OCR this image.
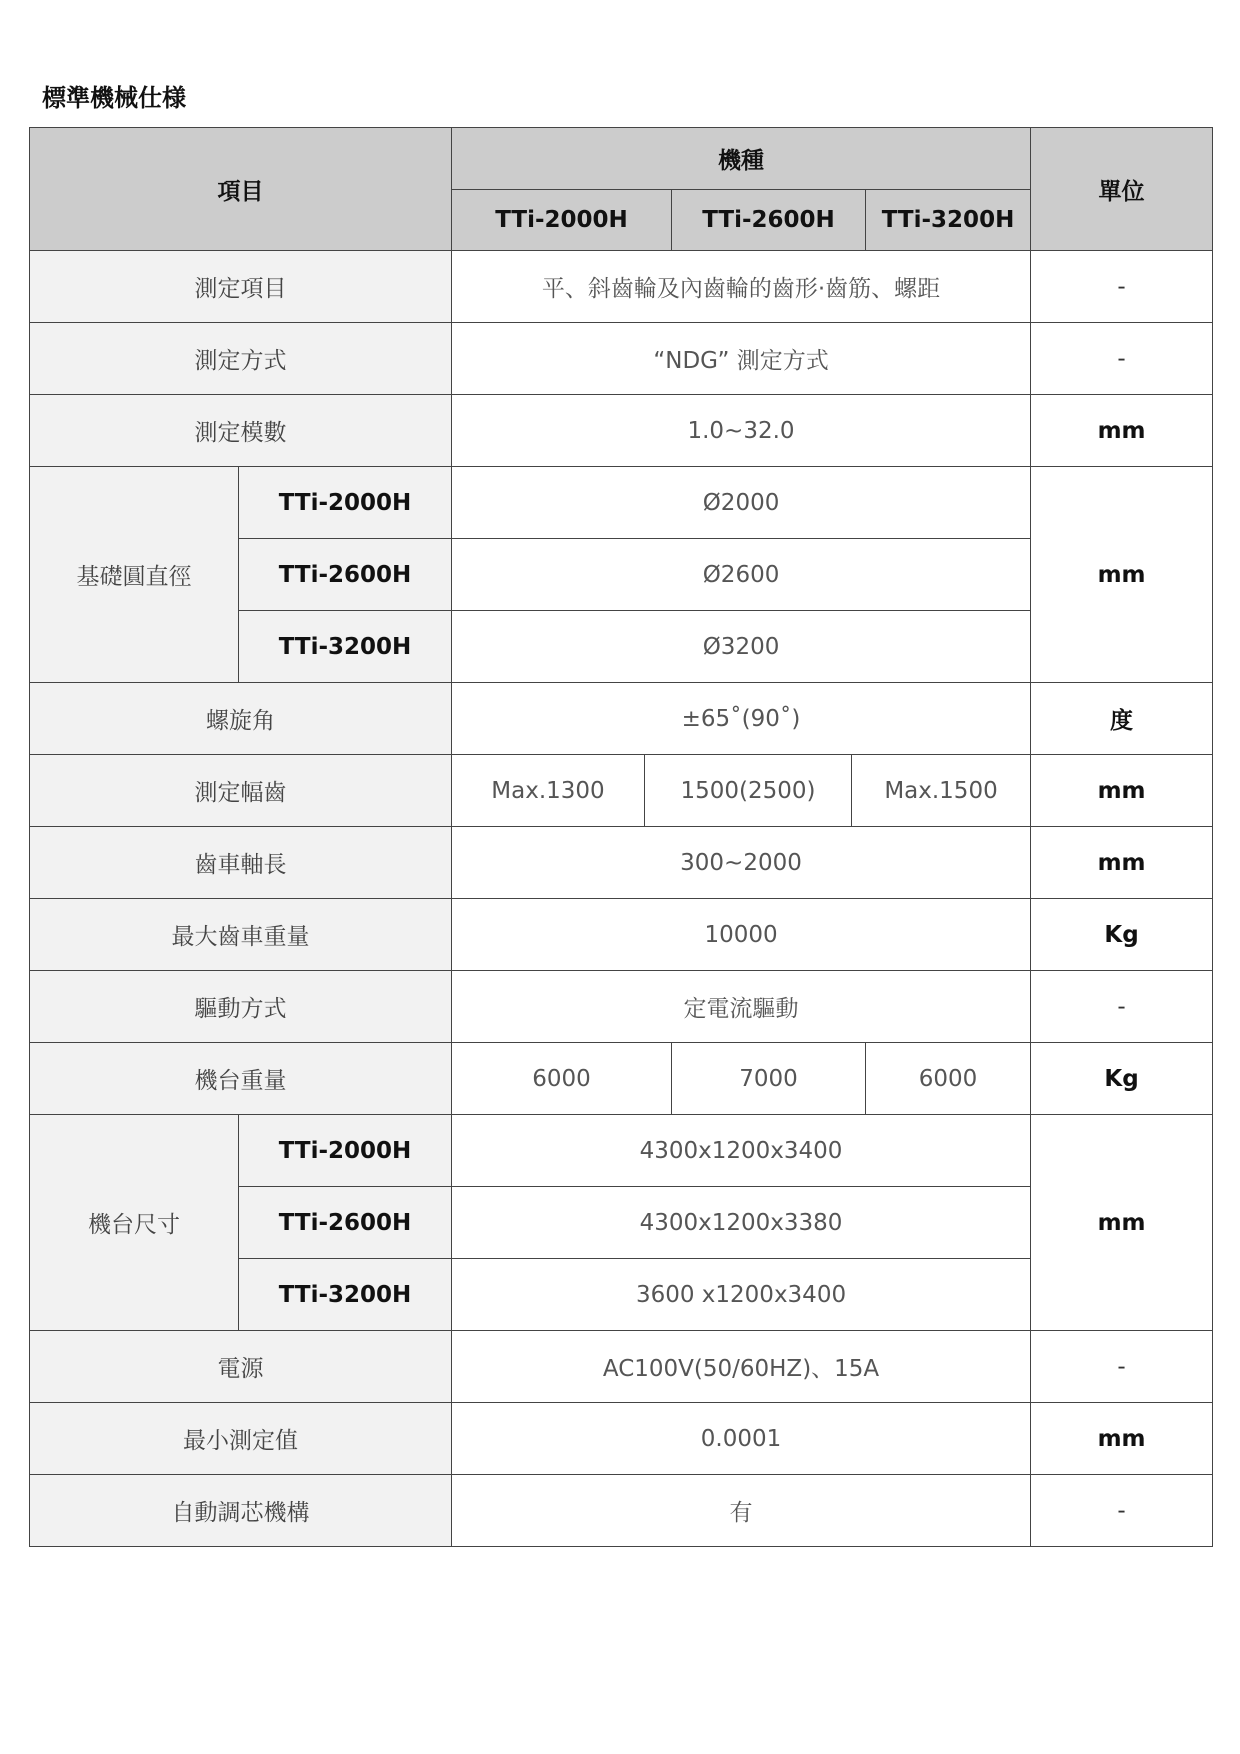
標準機械仕様
項目		機種					單位
		TTi-2000H		TTi-2600H		TTi-3200H	
測定項目		平、斜齒輪及內齒輪的齒形·齒筋、螺距					-
測定方式		“NDG” 測定方式					-
測定模數		1.0~32.0					mm
基礎圓直徑	TTi-2000H	Ø2000					mm
	TTi-2600H	Ø2600					
	TTi-3200H	Ø3200					
螺旋角		±65˚(90˚)					度
測定幅齒		Max.1300	1500(2500)		Max.1500		mm
齒車軸長		300~2000					mm
最大齒車重量		10000					Kg
驅動方式		定電流驅動					-
機台重量		6000		7000		6000	Kg
機台尺寸	TTi-2000H	4300x1200x3400					mm
	TTi-2600H	4300x1200x3380					
	TTi-3200H	3600 x1200x3400					
電源		AC100V(50/60HZ)、15A					-
最小測定值		0.0001					mm
自動調芯機構		有					-
